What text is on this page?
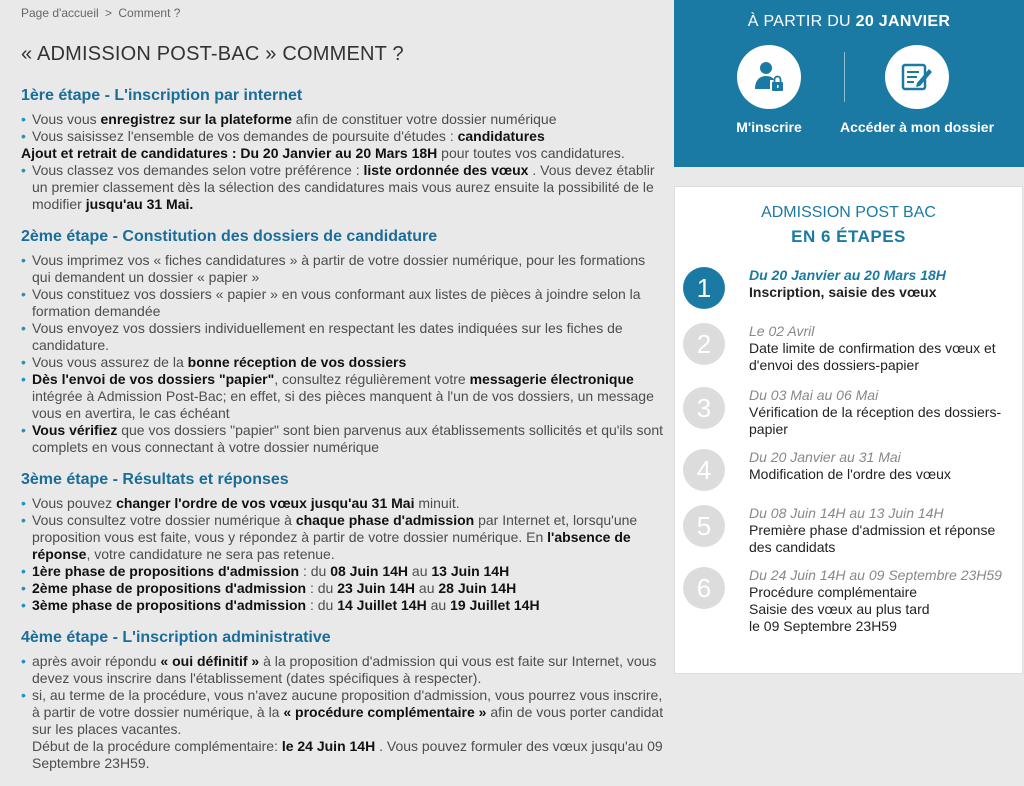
Page d'accueil > Comment ?
« ADMISSION POST-BAC » COMMENT ?
1ère étape - L'inscription par internet
• Vous vous enregistrez sur la plateforme afin de constituer votre dossier numérique
• Vous saisissez l'ensemble de vos demandes de poursuite d'études : candidatures
Ajout et retrait de candidatures : Du 20 Janvier au 20 Mars 18H pour toutes vos candidatures.
• Vous classez vos demandes selon votre préférence : liste ordonnée des vœux . Vous devez établir un premier classement dès la sélection des candidatures mais vous aurez ensuite la possibilité de le modifier jusqu'au 31 Mai.
2ème étape - Constitution des dossiers de candidature
• Vous imprimez vos « fiches candidatures » à partir de votre dossier numérique, pour les formations qui demandent un dossier « papier »
• Vous constituez vos dossiers « papier » en vous conformant aux listes de pièces à joindre selon la formation demandée
• Vous envoyez vos dossiers individuellement en respectant les dates indiquées sur les fiches de candidature.
• Vous vous assurez de la bonne réception de vos dossiers
• Dès l'envoi de vos dossiers "papier", consultez régulièrement votre messagerie électronique intégrée à Admission Post-Bac; en effet, si des pièces manquent à l'un de vos dossiers, un message vous en avertira, le cas échéant
• Vous vérifiez que vos dossiers "papier" sont bien parvenus aux établissements sollicités et qu'ils sont complets en vous connectant à votre dossier numérique
3ème étape - Résultats et réponses
• Vous pouvez changer l'ordre de vos vœux jusqu'au 31 Mai minuit.
• Vous consultez votre dossier numérique à chaque phase d'admission par Internet et, lorsqu'une proposition vous est faite, vous y répondez à partir de votre dossier numérique. En l'absence de réponse, votre candidature ne sera pas retenue.
• 1ère phase de propositions d'admission : du 08 Juin 14H au 13 Juin 14H
• 2ème phase de propositions d'admission : du 23 Juin 14H au 28 Juin 14H
• 3ème phase de propositions d'admission : du 14 Juillet 14H au 19 Juillet 14H
4ème étape - L'inscription administrative
• après avoir répondu « oui définitif » à la proposition d'admission qui vous est faite sur Internet, vous devez vous inscrire dans l'établissement (dates spécifiques à respecter).
• si, au terme de la procédure, vous n'avez aucune proposition d'admission, vous pourrez vous inscrire, à partir de votre dossier numérique, à la « procédure complémentaire » afin de vous porter candidat sur les places vacantes.
Début de la procédure complémentaire: le 24 Juin 14H . Vous pouvez formuler des vœux jusqu'au 09 Septembre 23H59.
À PARTIR DU 20 JANVIER
M'inscrire	Accéder à mon dossier
ADMISSION POST BAC
EN 6 ÉTAPES
1	Du 20 Janvier au 20 Mars 18H
Inscription, saisie des vœux
2	Le 02 Avril
Date limite de confirmation des vœux et d'envoi des dossiers-papier
3	Du 03 Mai au 06 Mai
Vérification de la réception des dossiers-papier
4	Du 20 Janvier au 31 Mai
Modification de l'ordre des vœux
5	Du 08 Juin 14H au 13 Juin 14H
Première phase d'admission et réponse des candidats
6	Du 24 Juin 14H au 09 Septembre 23H59
Procédure complémentaire
Saisie des vœux au plus tard
le 09 Septembre 23H59
